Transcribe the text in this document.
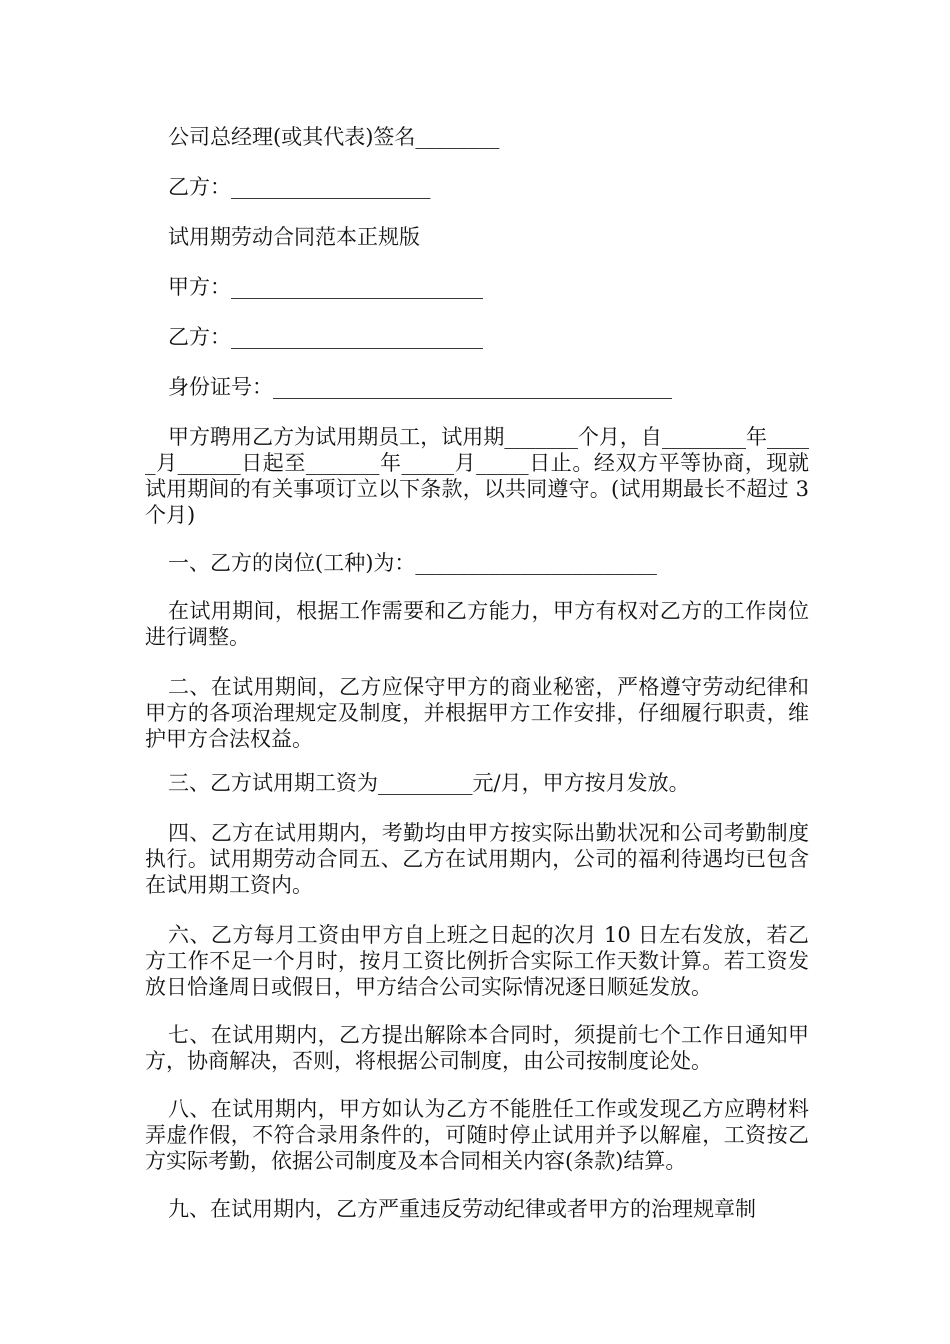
公司总经理(或其代表)签名________

乙方：___________________

试用期劳动合同范本正规版

甲方：________________________

乙方：________________________

身份证号：______________________________________

甲方聘用乙方为试用期员工，试用期_______个月，自________年_____月______日起至_______年_____月_____日止。经双方平等协商，现就试用期间的有关事项订立以下条款，以共同遵守。(试用期最长不超过 3 个月)

一、乙方的岗位(工种)为：_______________________

在试用期间，根据工作需要和乙方能力，甲方有权对乙方的工作岗位进行调整。

二、在试用期间，乙方应保守甲方的商业秘密，严格遵守劳动纪律和甲方的各项治理规定及制度，并根据甲方工作安排，仔细履行职责，维护甲方合法权益。

三、乙方试用期工资为_________元/月，甲方按月发放。

四、乙方在试用期内，考勤均由甲方按实际出勤状况和公司考勤制度执行。试用期劳动合同五、乙方在试用期内，公司的福利待遇均已包含在试用期工资内。

六、乙方每月工资由甲方自上班之日起的次月 10 日左右发放，若乙方工作不足一个月时，按月工资比例折合实际工作天数计算。若工资发放日恰逢周日或假日，甲方结合公司实际情况逐日顺延发放。

七、在试用期内，乙方提出解除本合同时，须提前七个工作日通知甲方，协商解决，否则，将根据公司制度，由公司按制度论处。

八、在试用期内，甲方如认为乙方不能胜任工作或发现乙方应聘材料弄虚作假，不符合录用条件的，可随时停止试用并予以解雇，工资按乙方实际考勤，依据公司制度及本合同相关内容(条款)结算。

九、在试用期内，乙方严重违反劳动纪律或者甲方的治理规章制
